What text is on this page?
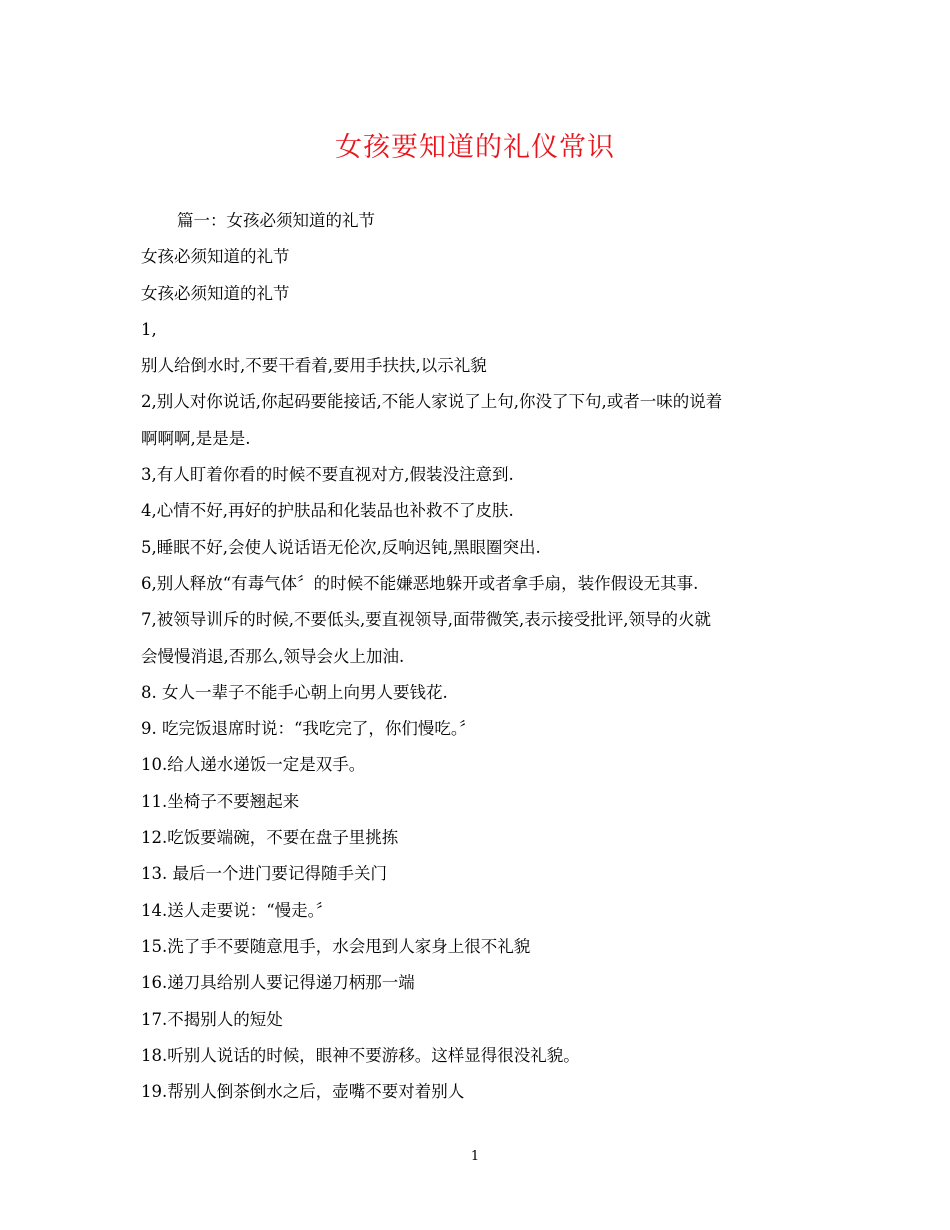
女孩要知道的礼仪常识
篇一：女孩必须知道的礼节
女孩必须知道的礼节
女孩必须知道的礼节
1,
别人给倒水时,不要干看着,要用手扶扶,以示礼貌
2,别人对你说话,你起码要能接话,不能人家说了上句,你没了下句,或者一味的说着
啊啊啊,是是是.
3,有人盯着你看的时候不要直视对方,假装没注意到.
4,心情不好,再好的护肤品和化装品也补救不了皮肤.
5,睡眠不好,会使人说话语无伦次,反响迟钝,黑眼圈突出.
6,别人释放“有毒气体〞的时候不能嫌恶地躲开或者拿手扇，装作假设无其事.
7,被领导训斥的时候,不要低头,要直视领导,面带微笑,表示接受批评,领导的火就
会慢慢消退,否那么,领导会火上加油.
8. 女人一辈子不能手心朝上向男人要钱花.
9. 吃完饭退席时说：“我吃完了，你们慢吃。〞
10.给人递水递饭一定是双手。
11.坐椅子不要翘起来
12.吃饭要端碗，不要在盘子里挑拣
13. 最后一个进门要记得随手关门
14.送人走要说：“慢走。〞
15.洗了手不要随意甩手，水会甩到人家身上很不礼貌
16.递刀具给别人要记得递刀柄那一端
17.不揭别人的短处
18.听别人说话的时候，眼神不要游移。这样显得很没礼貌。
19.帮别人倒茶倒水之后，壶嘴不要对着别人
1
